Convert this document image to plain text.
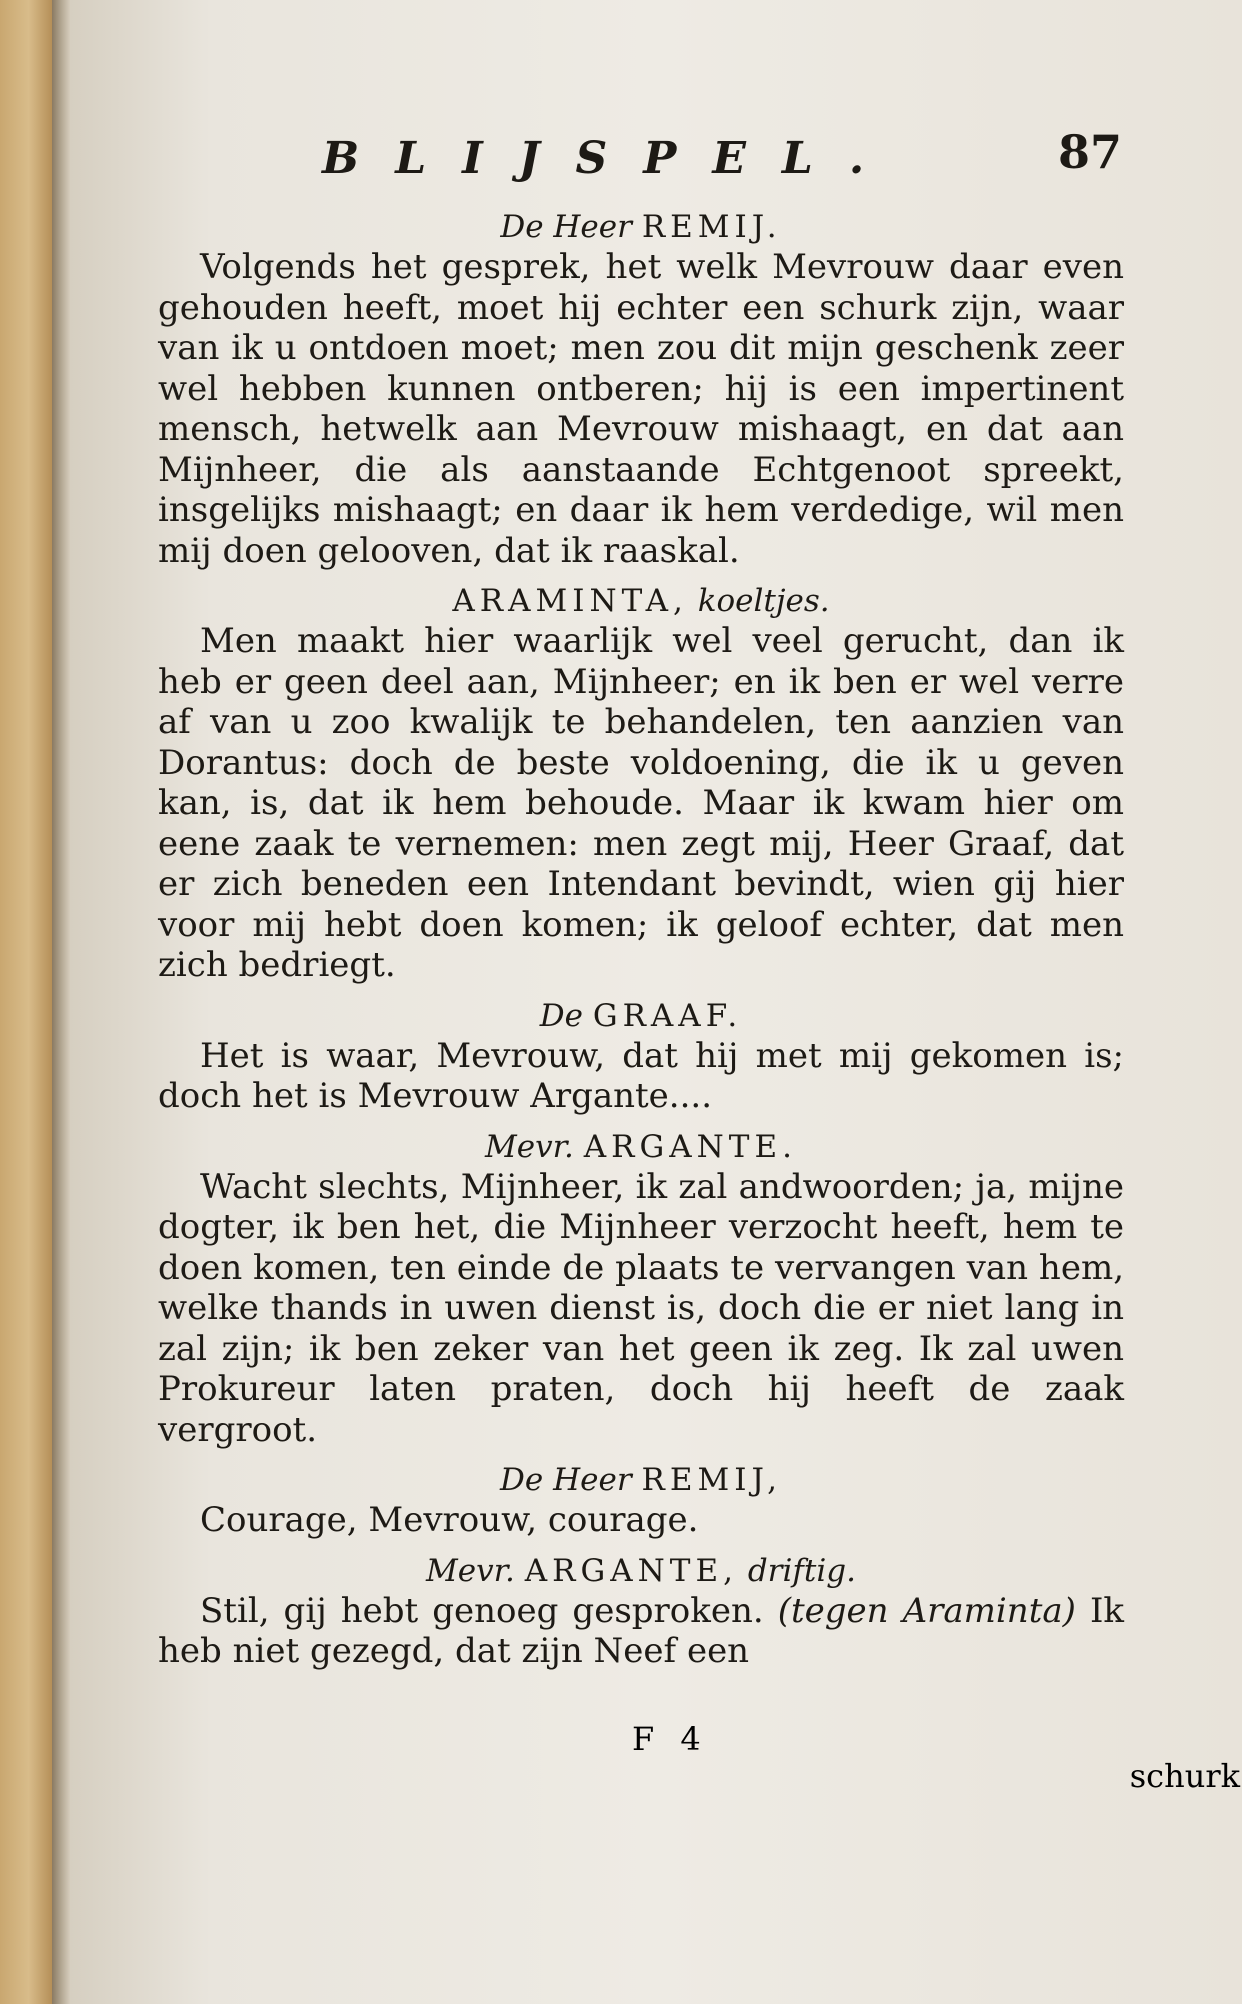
BLIJSPEL.	87
De Heer REMIJ.

Volgends het gesprek, het welk Mevrouw daar even gehouden heeft, moet hij echter een schurk zijn, waar van ik u ontdoen moet; men zou dit mijn geschenk zeer wel hebben kunnen ontberen; hij is een impertinent mensch, hetwelk aan Mevrouw mishaagt, en dat aan Mijnheer, die als aanstaande Echtgenoot spreekt, insgelijks mishaagt; en daar ik hem verdedige, wil men mij doen gelooven, dat ik raaskal.

ARAMINTA, koeltjes.

Men maakt hier waarlijk wel veel gerucht, dan ik heb er geen deel aan, Mijnheer; en ik ben er wel verre af van u zoo kwalijk te behandelen, ten aanzien van Dorantus: doch de beste voldoening, die ik u geven kan, is, dat ik hem behoude. Maar ik kwam hier om eene zaak te vernemen: men zegt mij, Heer Graaf, dat er zich beneden een Intendant bevindt, wien gij hier voor mij hebt doen komen; ik geloof echter, dat men zich bedriegt.

De GRAAF.

Het is waar, Mevrouw, dat hij met mij gekomen is; doch het is Mevrouw Argante....

Mevr. ARGANTE.

Wacht slechts, Mijnheer, ik zal andwoorden; ja, mijne dogter, ik ben het, die Mijnheer verzocht heeft, hem te doen komen, ten einde de plaats te vervangen van hem, welke thands in uwen dienst is, doch die er niet lang in zal zijn; ik ben zeker van het geen ik zeg. Ik zal uwen Prokureur laten praten, doch hij heeft de zaak vergroot.

De Heer REMIJ,

Courage, Mevrouw, courage.

Mevr. ARGANTE, driftig.

Stil, gij hebt genoeg gesproken. (tegen Araminta) Ik heb niet gezegd, dat zijn Neef een

F 4
schurk
